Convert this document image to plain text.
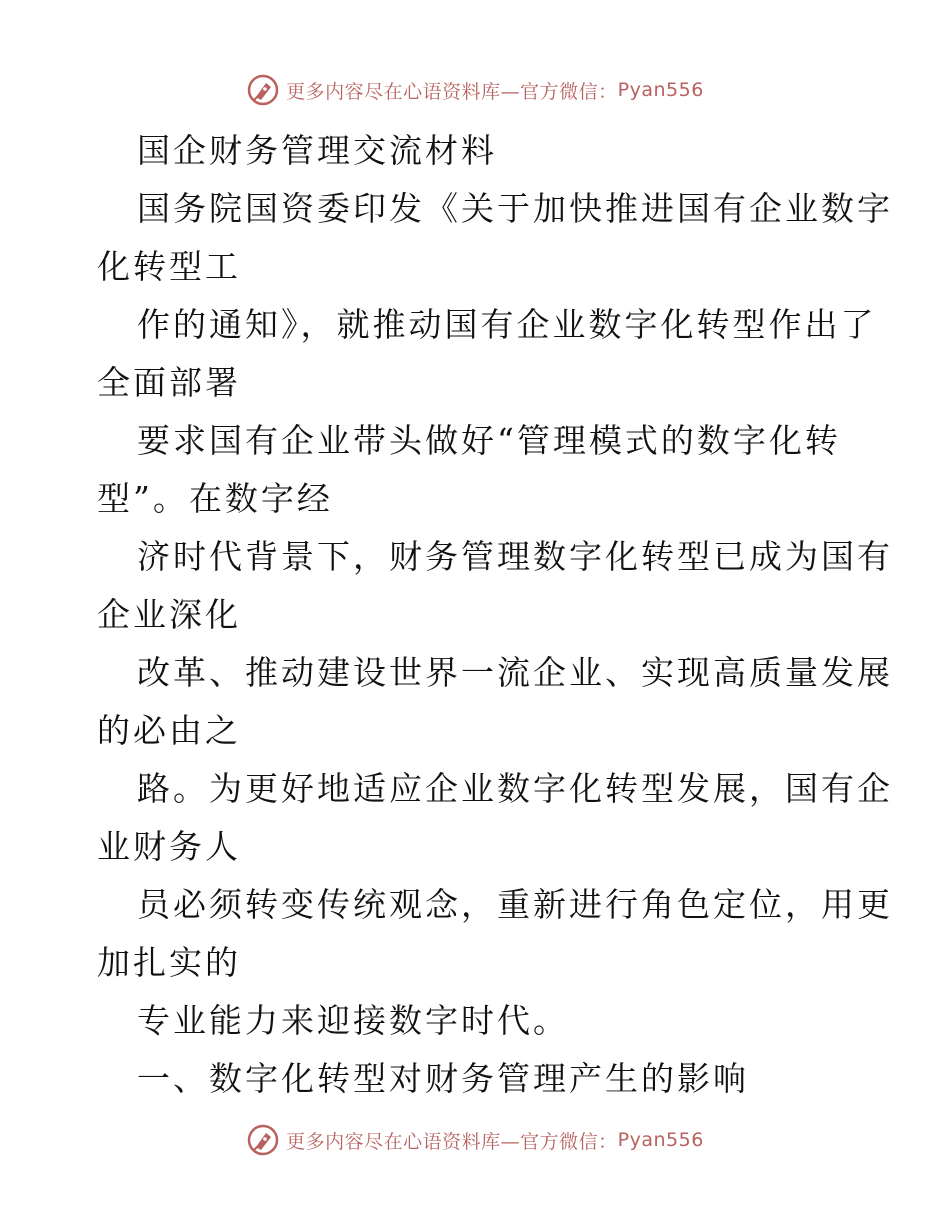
更多内容尽在心语资料库—官方微信： Pyan556
国企财务管理交流材料
国务院国资委印发《关于加快推进国有企业数字
化转型工
作的通知》，就推动国有企业数字化转型作出了
全面部署
要求国有企业带头做好“管理模式的数字化转
型”。在数字经
济时代背景下，财务管理数字化转型已成为国有
企业深化
改革、推动建设世界一流企业、实现高质量发展
的必由之
路。为更好地适应企业数字化转型发展，国有企
业财务人
员必须转变传统观念，重新进行角色定位，用更
加扎实的
专业能力来迎接数字时代。
一、数字化转型对财务管理产生的影响
更多内容尽在心语资料库—官方微信： Pyan556
